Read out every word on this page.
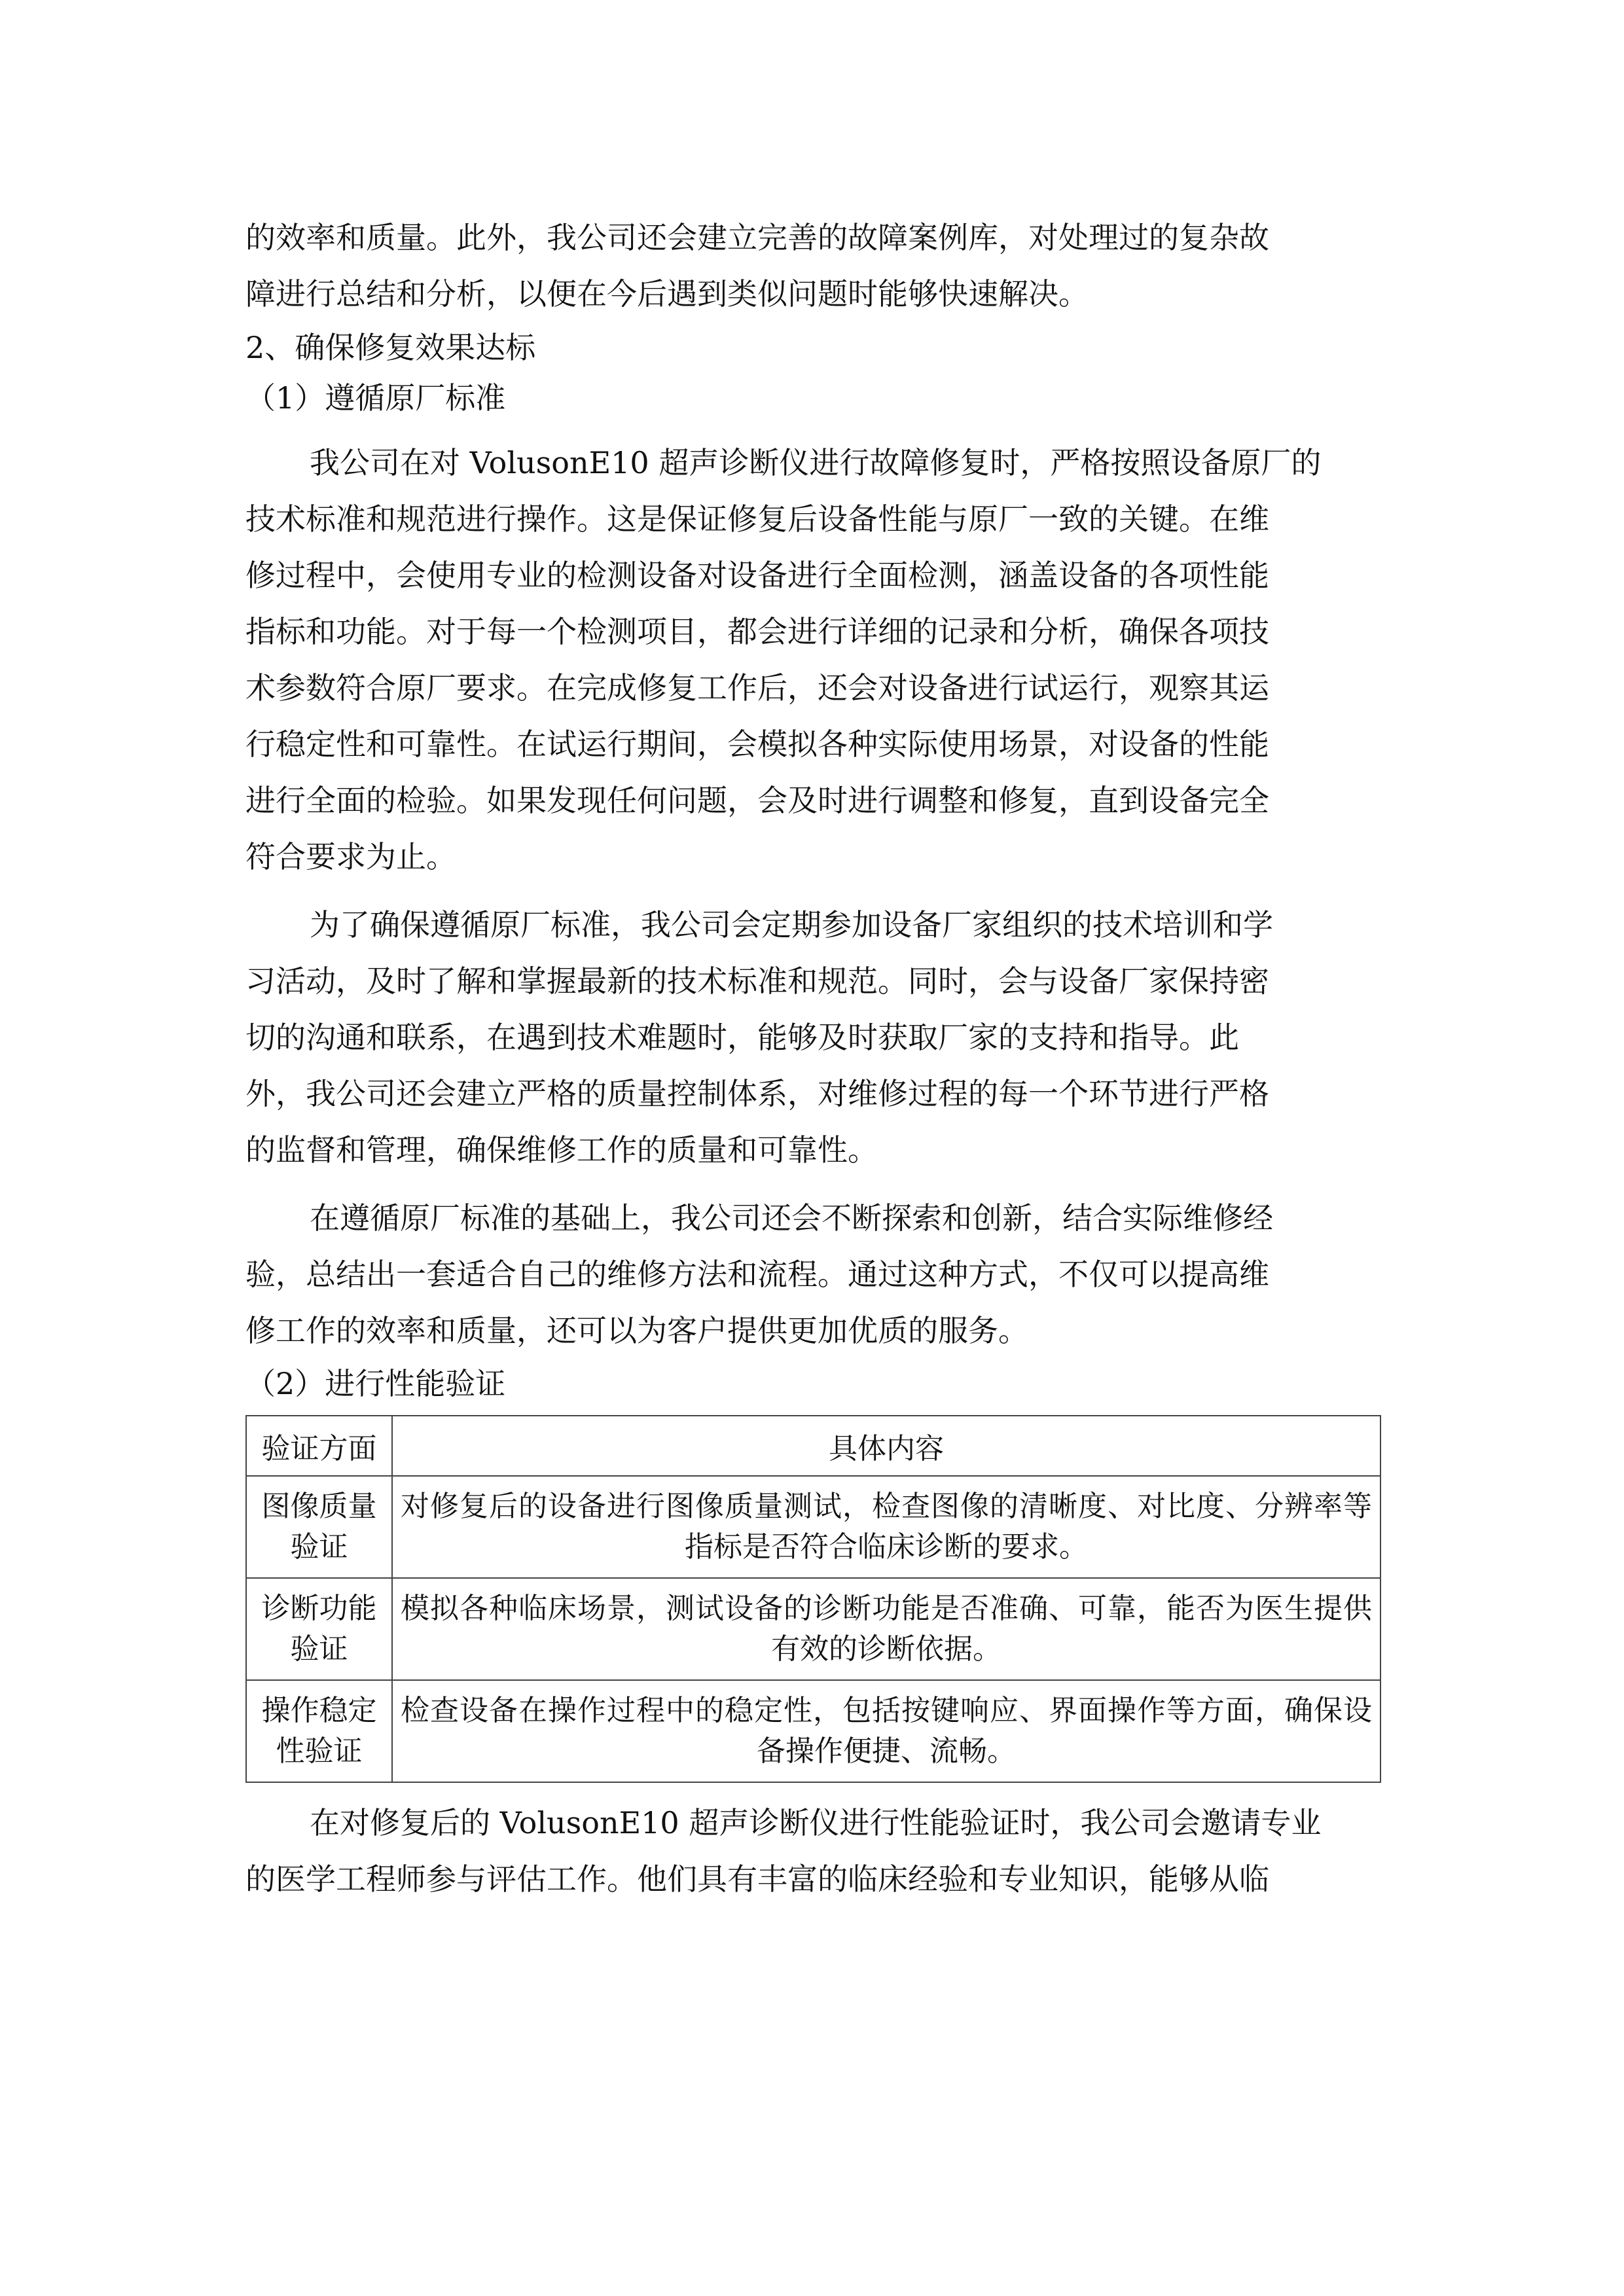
的效率和质量。此外，我公司还会建立完善的故障案例库，对处理过的复杂故
障进行总结和分析，以便在今后遇到类似问题时能够快速解决。
2、确保修复效果达标
（1）遵循原厂标准
我公司在对 VolusonE10 超声诊断仪进行故障修复时，严格按照设备原厂的
技术标准和规范进行操作。这是保证修复后设备性能与原厂一致的关键。在维
修过程中，会使用专业的检测设备对设备进行全面检测，涵盖设备的各项性能
指标和功能。对于每一个检测项目，都会进行详细的记录和分析，确保各项技
术参数符合原厂要求。在完成修复工作后，还会对设备进行试运行，观察其运
行稳定性和可靠性。在试运行期间，会模拟各种实际使用场景，对设备的性能
进行全面的检验。如果发现任何问题，会及时进行调整和修复，直到设备完全
符合要求为止。
为了确保遵循原厂标准，我公司会定期参加设备厂家组织的技术培训和学
习活动，及时了解和掌握最新的技术标准和规范。同时，会与设备厂家保持密
切的沟通和联系，在遇到技术难题时，能够及时获取厂家的支持和指导。此
外，我公司还会建立严格的质量控制体系，对维修过程的每一个环节进行严格
的监督和管理，确保维修工作的质量和可靠性。
在遵循原厂标准的基础上，我公司还会不断探索和创新，结合实际维修经
验，总结出一套适合自己的维修方法和流程。通过这种方式，不仅可以提高维
修工作的效率和质量，还可以为客户提供更加优质的服务。
（2）进行性能验证
验证方面	具体内容

图像质量
验证	对修复后的设备进行图像质量测试，检查图像的清晰度、对比度、分辨率等指标是否符合临床诊断的要求。

诊断功能
验证	模拟各种临床场景，测试设备的诊断功能是否准确、可靠，能否为医生提供有效的诊断依据。

操作稳定
性验证	检查设备在操作过程中的稳定性，包括按键响应、界面操作等方面，确保设备操作便捷、流畅。
在对修复后的 VolusonE10 超声诊断仪进行性能验证时，我公司会邀请专业
的医学工程师参与评估工作。他们具有丰富的临床经验和专业知识，能够从临
